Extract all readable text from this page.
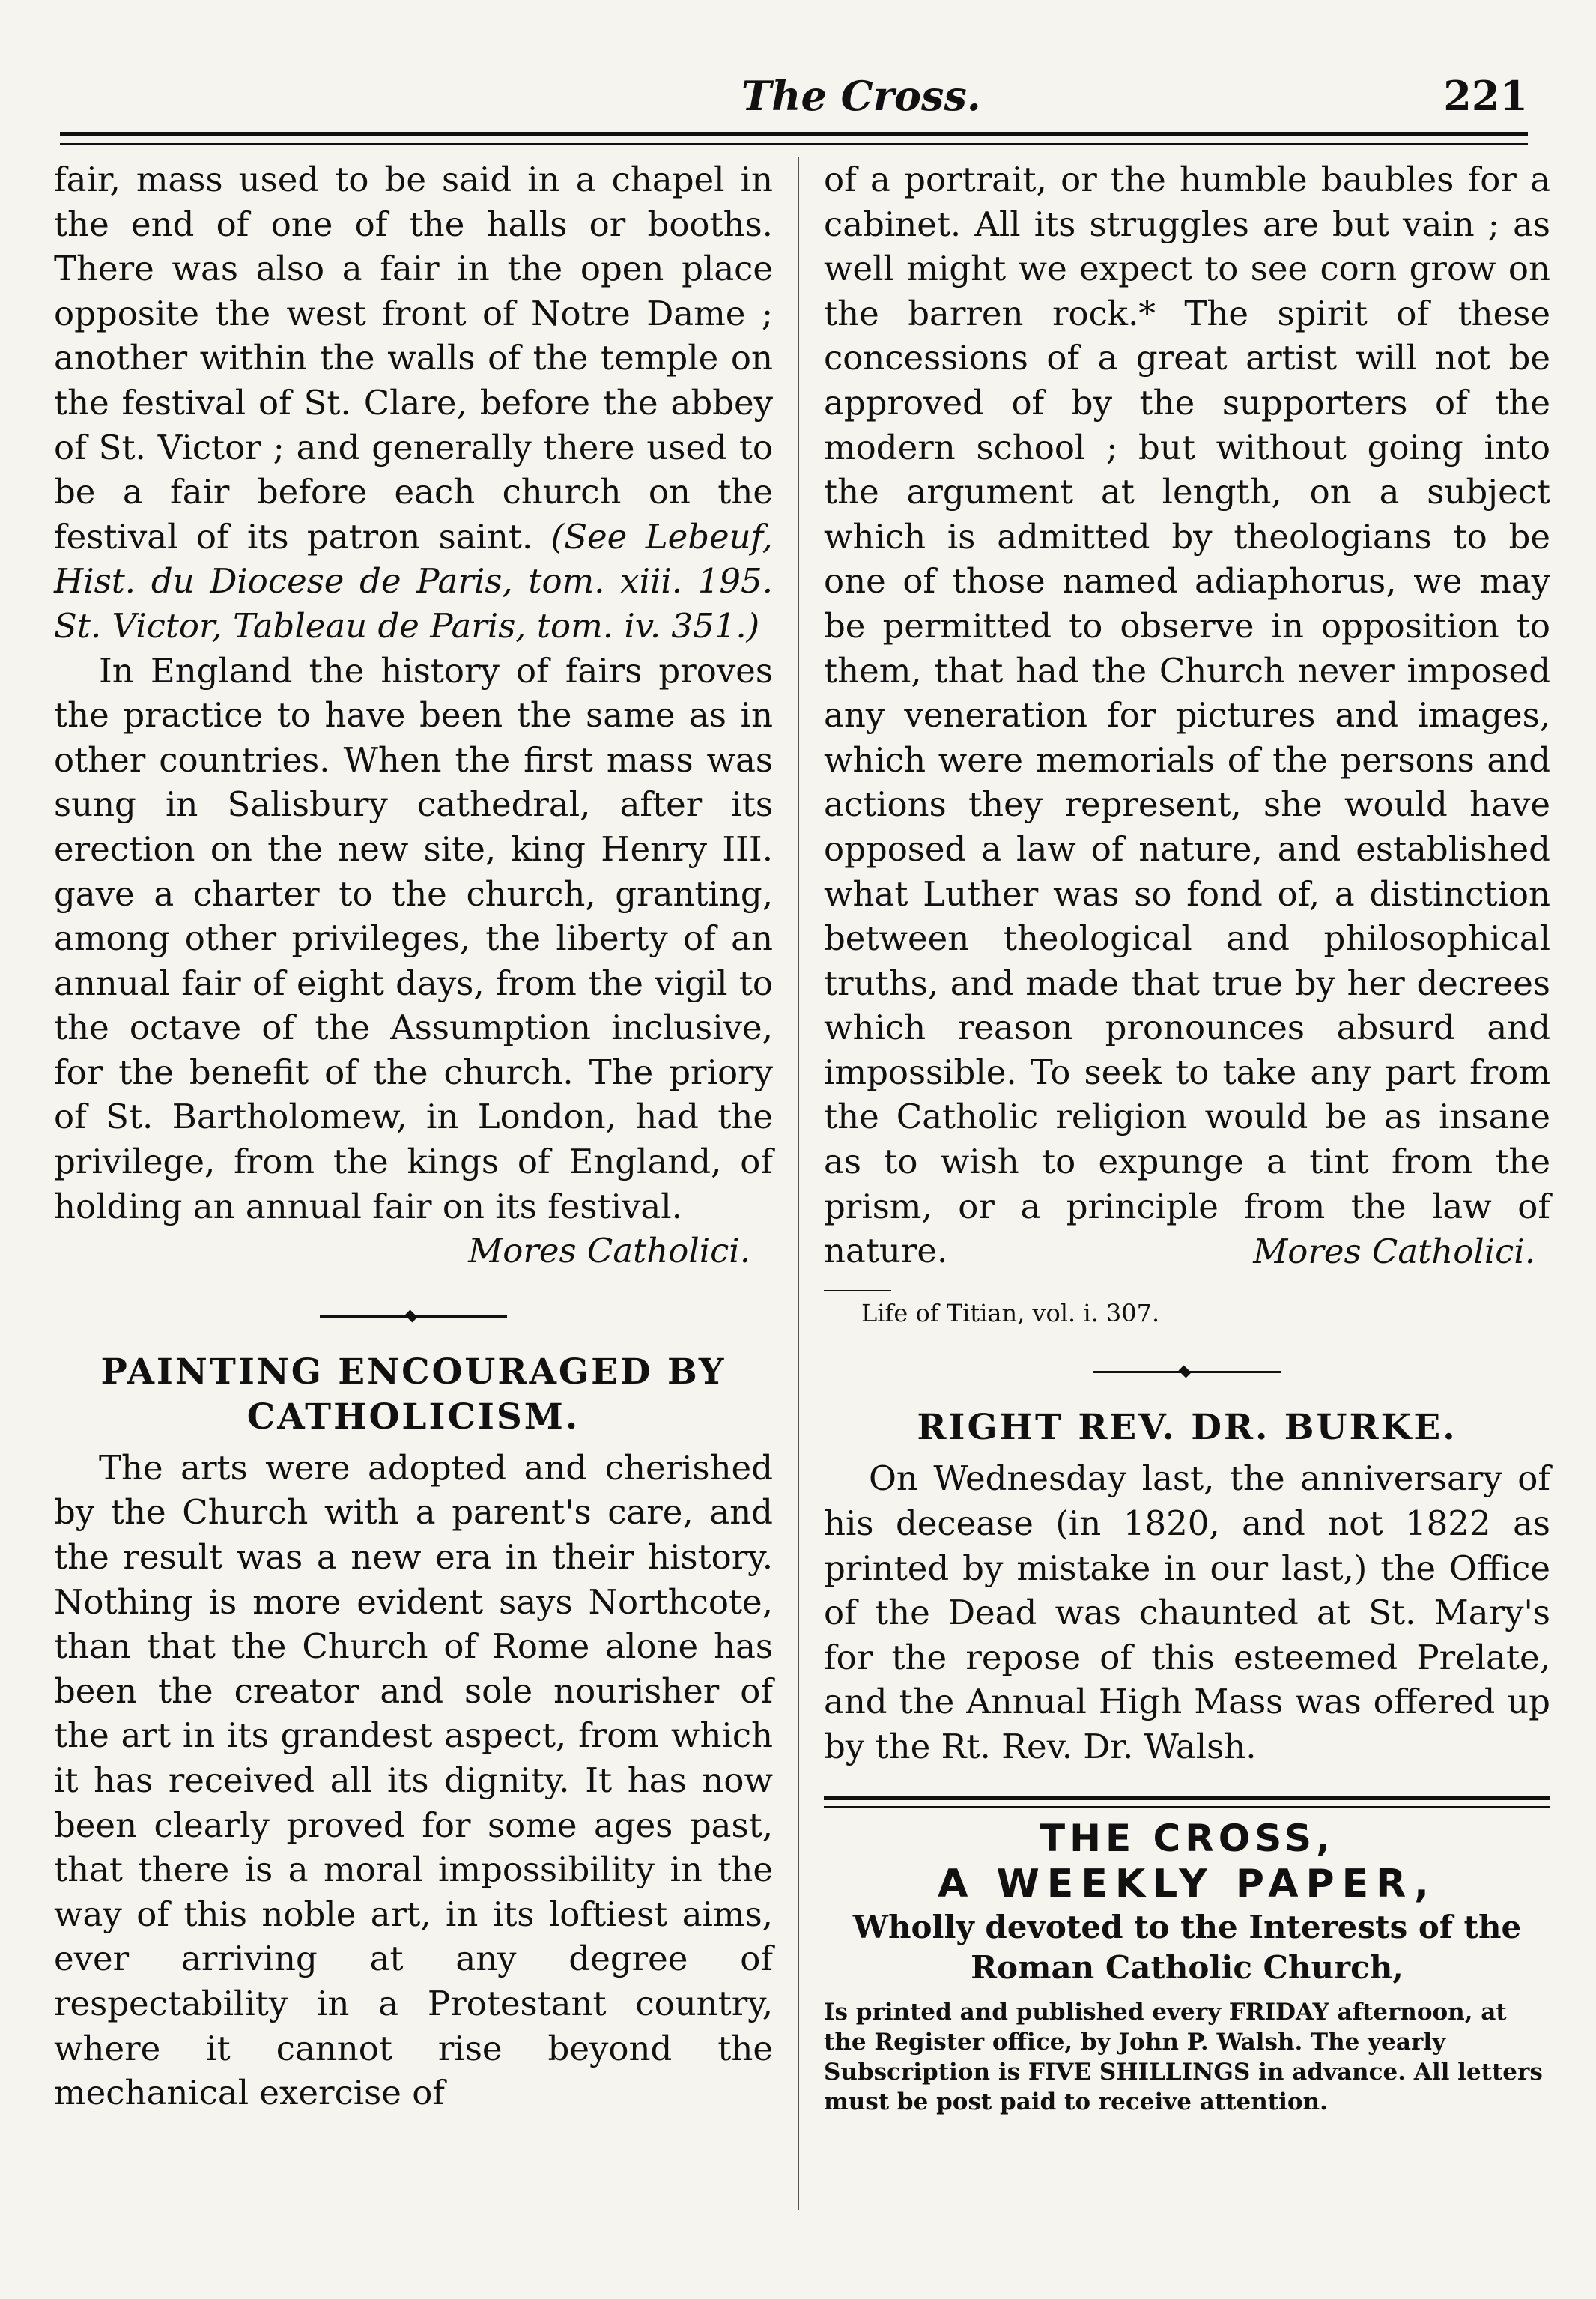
The Cross.	221

fair, mass used to be said in a chapel in the end of one of the halls or booths. There was also a fair in the open place opposite the west front of Notre Dame ; another within the walls of the temple on the festival of St. Clare, before the abbey of St. Victor ; and generally there used to be a fair before each church on the festival of its patron saint. (See Lebeuf, Hist. du Diocese de Paris, tom. xiii. 195. St. Victor, Tableau de Paris, tom. iv. 351.)

In England the history of fairs proves the practice to have been the same as in other countries. When the first mass was sung in Salisbury cathedral, after its erection on the new site, king Henry III. gave a charter to the church, granting, among other privileges, the liberty of an annual fair of eight days, from the vigil to the octave of the Assumption inclusive, for the benefit of the church. The priory of St. Bartholomew, in London, had the privilege, from the kings of England, of holding an annual fair on its festival.

Mores Catholici.

PAINTING ENCOURAGED BY CATHOLICISM.

The arts were adopted and cherished by the Church with a parent's care, and the result was a new era in their history. Nothing is more evident says Northcote, than that the Church of Rome alone has been the creator and sole nourisher of the art in its grandest aspect, from which it has received all its dignity. It has now been clearly proved for some ages past, that there is a moral impossibility in the way of this noble art, in its loftiest aims, ever arriving at any degree of respectability in a Protestant country, where it cannot rise beyond the mechanical exercise of

of a portrait, or the humble baubles for a cabinet. All its struggles are but vain ; as well might we expect to see corn grow on the barren rock.* The spirit of these concessions of a great artist will not be approved of by the supporters of the modern school ; but without going into the argument at length, on a subject which is admitted by theologians to be one of those named adiaphorus, we may be permitted to observe in opposition to them, that had the Church never imposed any veneration for pictures and images, which were memorials of the persons and actions they represent, she would have opposed a law of nature, and established what Luther was so fond of, a distinction between theological and philosophical truths, and made that true by her decrees which reason pronounces absurd and impossible. To seek to take any part from the Catholic religion would be as insane as to wish to expunge a tint from the prism, or a principle from the law of nature.	Mores Catholici.

Life of Titian, vol. i. 307.

RIGHT REV. DR. BURKE.

On Wednesday last, the anniversary of his decease (in 1820, and not 1822 as printed by mistake in our last,) the Office of the Dead was chaunted at St. Mary's for the repose of this esteemed Prelate, and the Annual High Mass was offered up by the Rt. Rev. Dr. Walsh.

THE CROSS,
A WEEKLY PAPER,
Wholly devoted to the Interests of the Roman Catholic Church,
Is printed and published every FRIDAY afternoon, at the Register office, by John P. Walsh. The yearly Subscription is FIVE SHILLINGS in advance. All letters must be post paid to receive attention.
